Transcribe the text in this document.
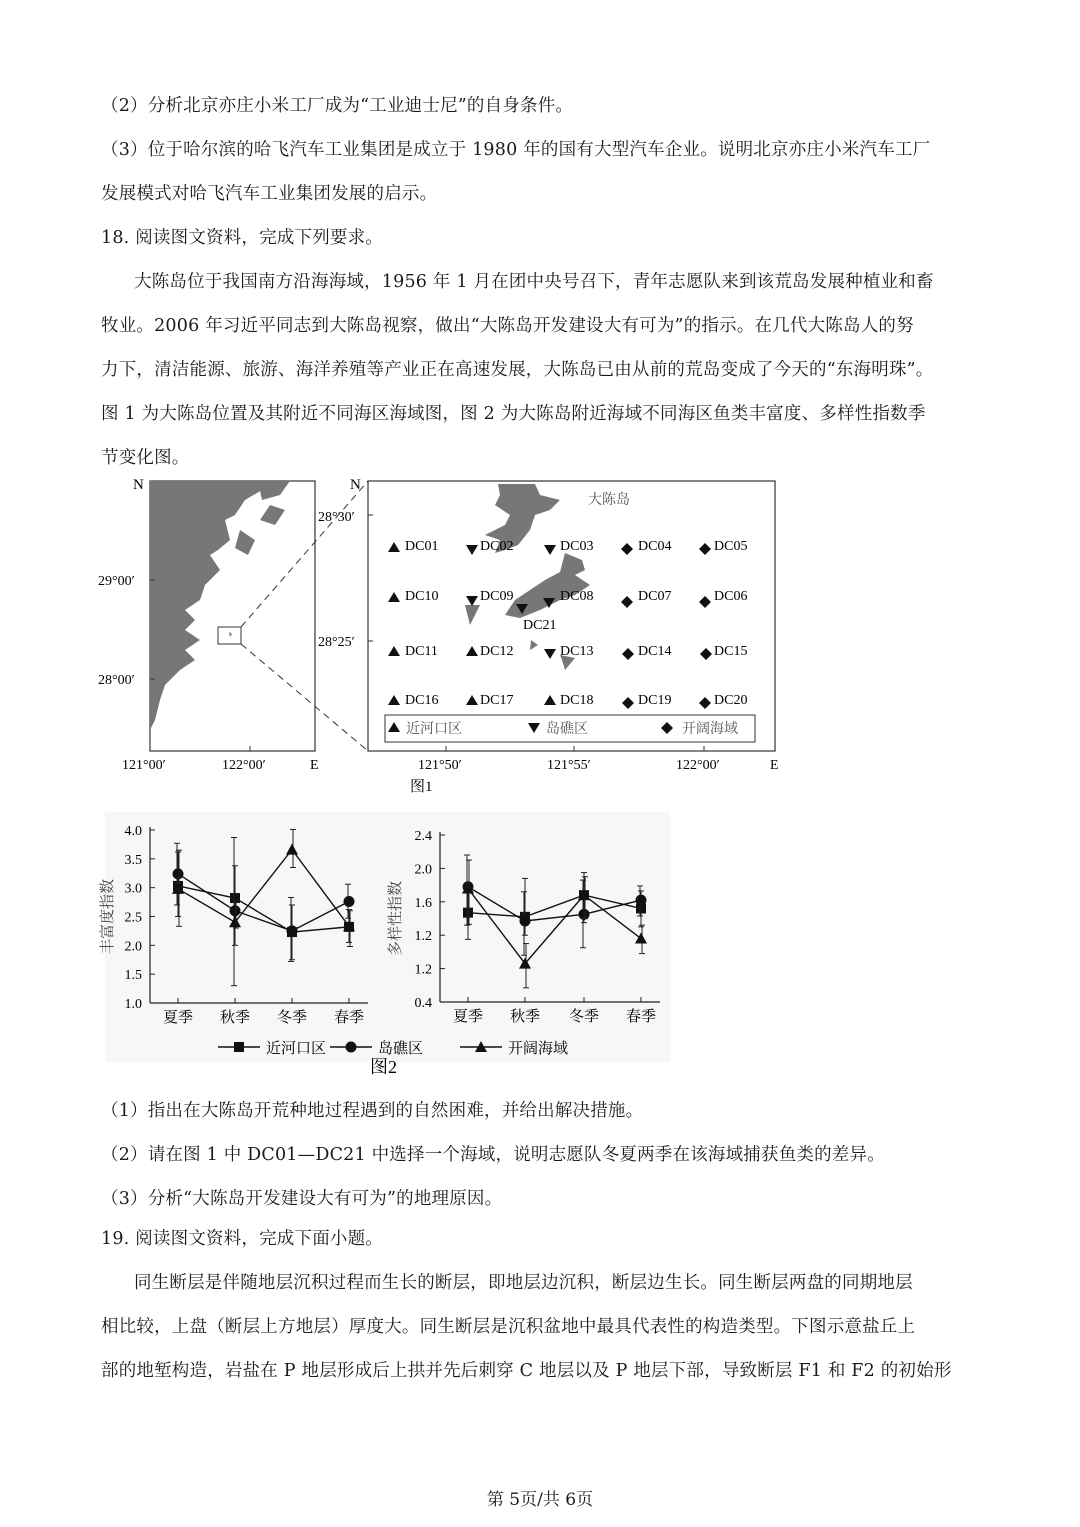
（2）分析北京亦庄小米工厂成为“工业迪士尼”的自身条件。
（3）位于哈尔滨的哈飞汽车工业集团是成立于 1980 年的国有大型汽车企业。说明北京亦庄小米汽车工厂
发展模式对哈飞汽车工业集团发展的启示。
18. 阅读图文资料，完成下列要求。
大陈岛位于我国南方沿海海域，1956 年 1 月在团中央号召下，青年志愿队来到该荒岛发展种植业和畜
牧业。2006 年习近平同志到大陈岛视察，做出“大陈岛开发建设大有可为”的指示。在几代大陈岛人的努
力下，清洁能源、旅游、海洋养殖等产业正在高速发展，大陈岛已由从前的荒岛变成了今天的“东海明珠”。
图 1 为大陈岛位置及其附近不同海区海域图，图 2 为大陈岛附近海域不同海区鱼类丰富度、多样性指数季
节变化图。
N
29°00′
28°00′
121°00′	122°00′	E
N
大陈岛
DC01	DC02	DC03	DC04	DC05
DC10	DC09	DC08	DC07	DC06
DC21
DC11	DC12	DC13	DC14	DC15
DC16	DC17	DC18	DC19	DC20
近河口区	岛礁区	开阔海域
28°30′
28°25′
121°50′	121°55′	122°00′	E
图1
1.0
1.5
2.0
2.5
3.0
3.5
4.0
夏季 秋季 冬季 春季
丰富度指数
0.4
1.2
1.2
1.6
2.0
2.4
夏季 秋季 冬季 春季
多样性指数
近河口区	岛礁区	开阔海域
图2
（1）指出在大陈岛开荒种地过程遇到的自然困难，并给出解决措施。
（2）请在图 1 中 DC01—DC21 中选择一个海域，说明志愿队冬夏两季在该海域捕获鱼类的差异。
（3）分析“大陈岛开发建设大有可为”的地理原因。
19. 阅读图文资料，完成下面小题。
同生断层是伴随地层沉积过程而生长的断层，即地层边沉积，断层边生长。同生断层两盘的同期地层
相比较，上盘（断层上方地层）厚度大。同生断层是沉积盆地中最具代表性的构造类型。下图示意盐丘上
部的地堑构造，岩盐在 P 地层形成后上拱并先后刺穿 C 地层以及 P 地层下部，导致断层 F1 和 F2 的初始形
第 5页/共 6页
